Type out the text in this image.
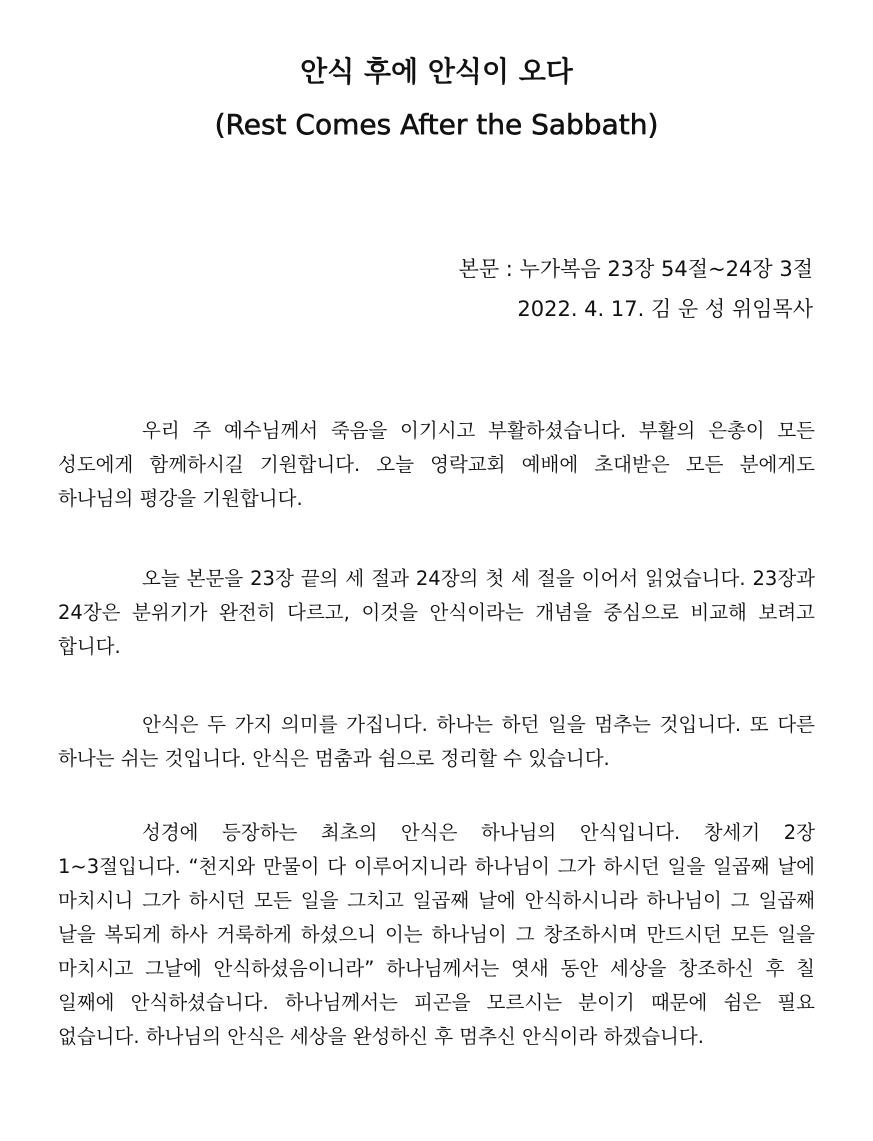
안식 후에 안식이 오다
(Rest Comes After the Sabbath)

본문 : 누가복음 23장 54절~24장 3절

2022. 4. 17. 김 운 성 위임목사

우리 주 예수님께서 죽음을 이기시고 부활하셨습니다. 부활의 은총이 모든 성도에게 함께하시길 기원합니다. 오늘 영락교회 예배에 초대받은 모든 분에게도 하나님의 평강을 기원합니다.

오늘 본문을 23장 끝의 세 절과 24장의 첫 세 절을 이어서 읽었습니다. 23장과 24장은 분위기가 완전히 다르고, 이것을 안식이라는 개념을 중심으로 비교해 보려고 합니다.

안식은 두 가지 의미를 가집니다. 하나는 하던 일을 멈추는 것입니다. 또 다른 하나는 쉬는 것입니다. 안식은 멈춤과 쉼으로 정리할 수 있습니다.

성경에 등장하는 최초의 안식은 하나님의 안식입니다. 창세기 2장 1~3절입니다. “천지와 만물이 다 이루어지니라 하나님이 그가 하시던 일을 일곱째 날에 마치시니 그가 하시던 모든 일을 그치고 일곱째 날에 안식하시니라 하나님이 그 일곱째 날을 복되게 하사 거룩하게 하셨으니 이는 하나님이 그 창조하시며 만드시던 모든 일을 마치시고 그날에 안식하셨음이니라” 하나님께서는 엿새 동안 세상을 창조하신 후 칠 일째에 안식하셨습니다. 하나님께서는 피곤을 모르시는 분이기 때문에 쉼은 필요 없습니다. 하나님의 안식은 세상을 완성하신 후 멈추신 안식이라 하겠습니다.
